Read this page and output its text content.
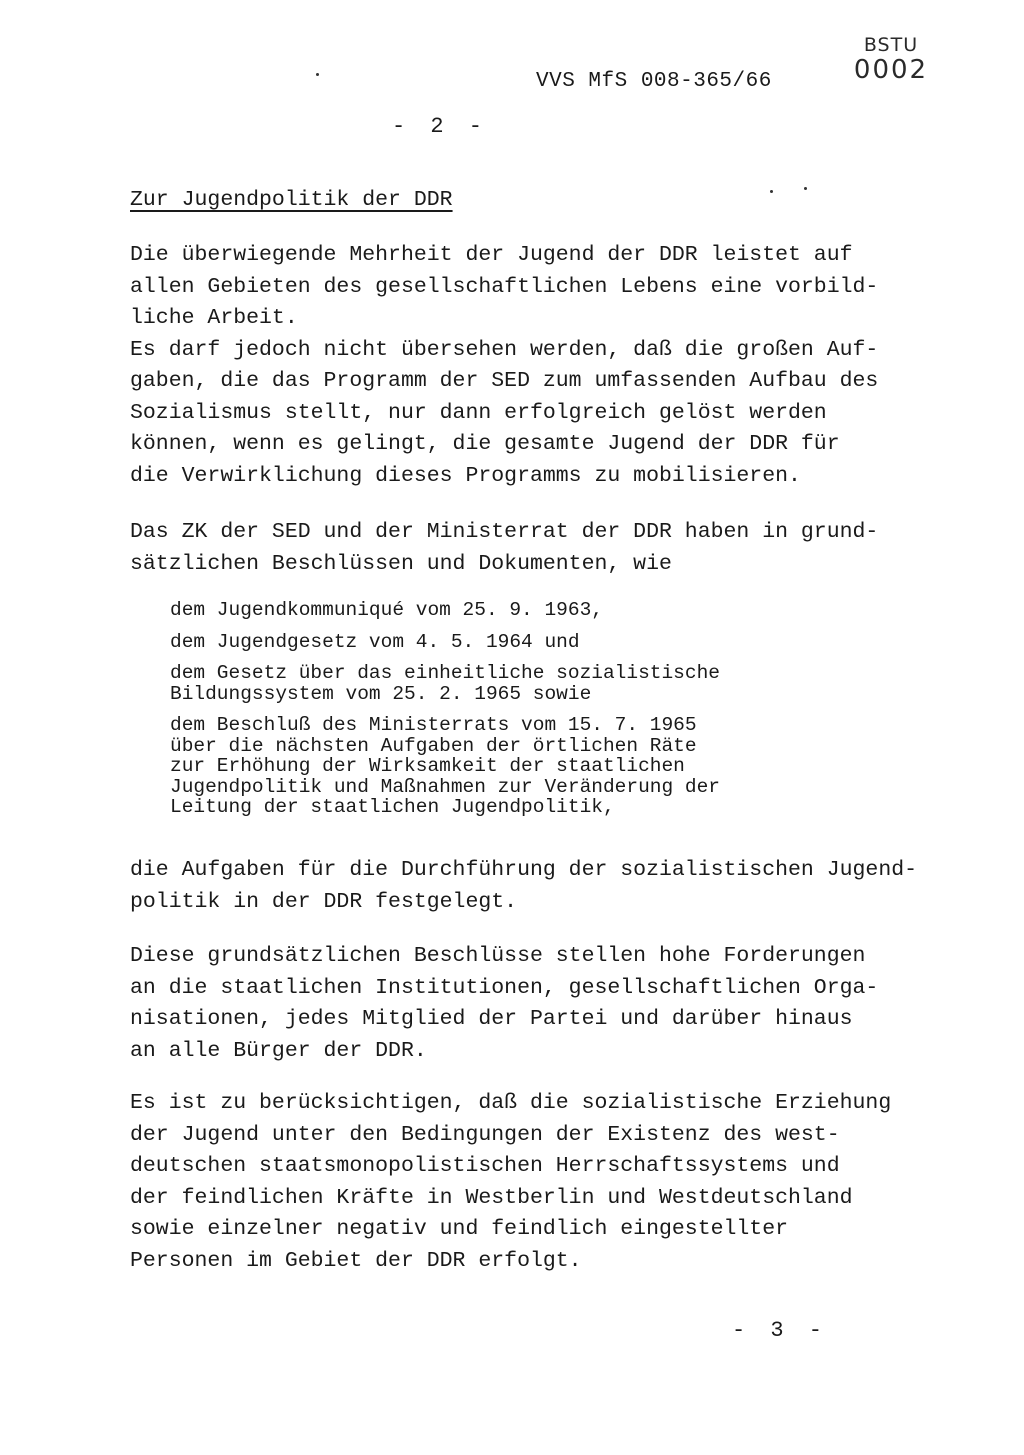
BSTU
0002
VVS MfS 008-365/66
- 2 -
Zur Jugendpolitik der DDR

Die überwiegende Mehrheit der Jugend der DDR leistet auf
allen Gebieten des gesellschaftlichen Lebens eine vorbild-
liche Arbeit.
Es darf jedoch nicht übersehen werden, daß die großen Auf-
gaben, die das Programm der SED zum umfassenden Aufbau des
Sozialismus stellt, nur dann erfolgreich gelöst werden
können, wenn es gelingt, die gesamte Jugend der DDR für
die Verwirklichung dieses Programms zu mobilisieren.

Das ZK der SED und der Ministerrat der DDR haben in grund-
sätzlichen Beschlüssen und Dokumenten, wie

dem Jugendkommuniqué vom 25. 9. 1963,
dem Jugendgesetz vom 4. 5. 1964 und
dem Gesetz über das einheitliche sozialistische
Bildungssystem vom 25. 2. 1965 sowie
dem Beschluß des Ministerrats vom 15. 7. 1965
über die nächsten Aufgaben der örtlichen Räte
zur Erhöhung der Wirksamkeit der staatlichen
Jugendpolitik und Maßnahmen zur Veränderung der
Leitung der staatlichen Jugendpolitik,

die Aufgaben für die Durchführung der sozialistischen Jugend-
politik in der DDR festgelegt.

Diese grundsätzlichen Beschlüsse stellen hohe Forderungen
an die staatlichen Institutionen, gesellschaftlichen Orga-
nisationen, jedes Mitglied der Partei und darüber hinaus
an alle Bürger der DDR.

Es ist zu berücksichtigen, daß die sozialistische Erziehung
der Jugend unter den Bedingungen der Existenz des west-
deutschen staatsmonopolistischen Herrschaftssystems und
der feindlichen Kräfte in Westberlin und Westdeutschland
sowie einzelner negativ und feindlich eingestellter
Personen im Gebiet der DDR erfolgt.

- 3 -
